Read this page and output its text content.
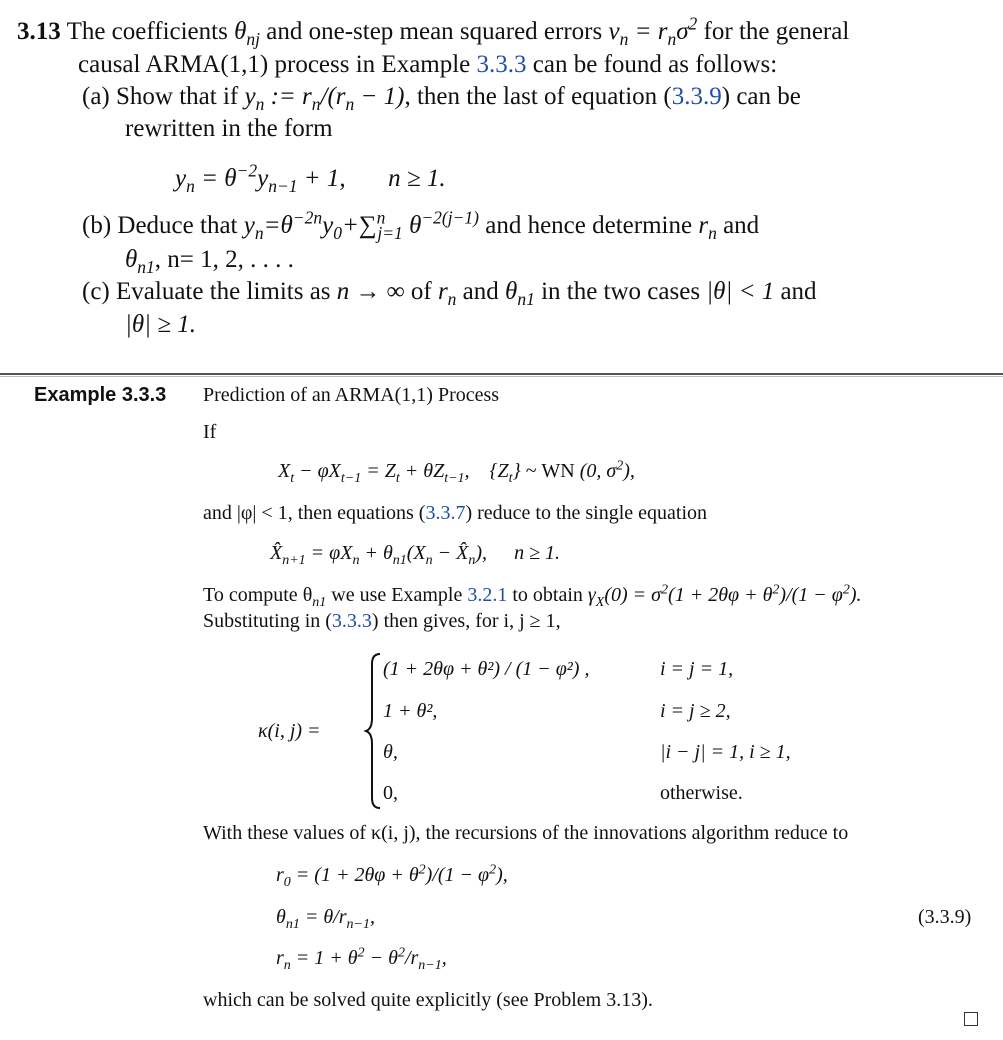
3.13 The coefficients $\theta_{nj}$ and one-step mean squared errors $v_n = r_n\sigma^2$ for the general
causal ARMA(1,1) process in Example 3.3.3 can be found as follows:
(a) Show that if $y_n$ := $r_n/(r_n - 1)$, then the last of equation (3.3.9) can be
rewritten in the form
$y_n = \theta^{-2}y_{n-1} + 1$, n ≥ 1.
(b) Deduce that $y_n=\theta^{-2n}y_0+\sum^n_{j=1}$ $\theta^{-2(j-1)}$ and hence determine $r_n$ and
$\theta_{n1}$, n= 1, 2, . . . .
(c) Evaluate the limits as n → ∞ of $r_n$ and $\theta_{n1}$ in the two cases |θ| < 1 and
|θ| ≥ 1.
Example 3.3.3 Prediction of an ARMA(1,1) Process
If
$X_t - \varphi X_{t-1} = Z_t + \theta Z_{t-1}$,    $\{Z_t\}$ ~ WN (0, $\sigma^2$),
and |φ| < 1, then equations (3.3.7) reduce to the single equation
$X̂_{n+1} = \varphi X_n + \theta_{n1}(X_n$ − $X̂_n$), n ≥ 1.
To compute $\theta_{n1}$ we use Example 3.2.1 to obtain $\gamma_X(0) = \sigma^2(1 + 2\theta\varphi + \theta^2)/(1 - \varphi^2)$.
Substituting in (3.3.3) then gives, for i, j ≥ 1,
κ(i, j) =
(1 + 2θφ + θ²) / (1 − φ²) ,	i = j = 1,
1 + θ²,	i = j ≥ 2,
θ,	|i − j| = 1, i ≥ 1,
0,	otherwise.
With these values of κ(i, j), the recursions of the innovations algorithm reduce to
$r_0 = (1 + 2\theta\varphi + \theta^2)/(1 - \varphi^2)$,
$\theta_{n1} = \theta/r_{n-1}$,	(3.3.9)
$r_n = 1 + \theta^2 - \theta^2/r_{n-1}$,
which can be solved quite explicitly (see Problem 3.13).
